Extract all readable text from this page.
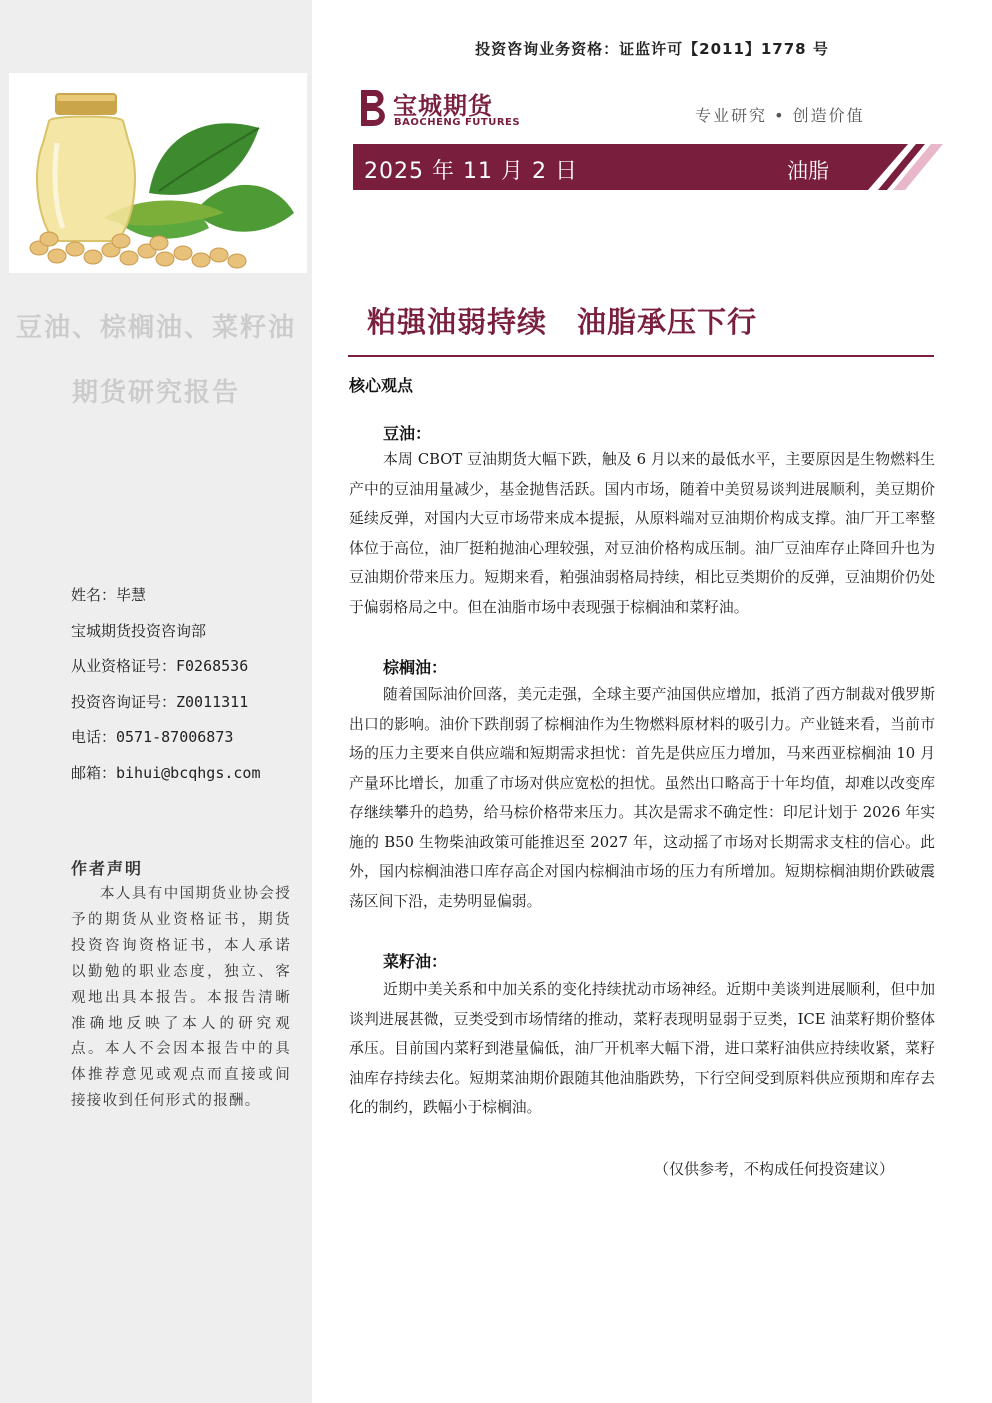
豆油、棕榈油、菜籽油
期货研究报告
姓名：毕慧
宝城期货投资咨询部
从业资格证号：F0268536
投资咨询证号：Z0011311
电话：0571-87006873
邮箱：bihui@bcqhgs.com
作者声明
本人具有中国期货业协会授予的期货从业资格证书，期货投资咨询资格证书，本人承诺以勤勉的职业态度，独立、客观地出具本报告。本报告清晰准确地反映了本人的研究观点。本人不会因本报告中的具体推荐意见或观点而直接或间接接收到任何形式的报酬。
投资咨询业务资格：证监许可【2011】1778 号
宝城期货
BAOCHENG FUTURES	专业研究 • 创造价值
2025 年 11 月 2 日	油脂
粕强油弱持续　油脂承压下行
核心观点
豆油：
本周 CBOT 豆油期货大幅下跌，触及 6 月以来的最低水平，主要原因是生物燃料生产中的豆油用量减少，基金抛售活跃。国内市场，随着中美贸易谈判进展顺利，美豆期价延续反弹，对国内大豆市场带来成本提振，从原料端对豆油期价构成支撑。油厂开工率整体位于高位，油厂挺粕抛油心理较强，对豆油价格构成压制。油厂豆油库存止降回升也为豆油期价带来压力。短期来看，粕强油弱格局持续，相比豆类期价的反弹，豆油期价仍处于偏弱格局之中。但在油脂市场中表现强于棕榈油和菜籽油。
棕榈油：
随着国际油价回落，美元走强，全球主要产油国供应增加，抵消了西方制裁对俄罗斯出口的影响。油价下跌削弱了棕榈油作为生物燃料原材料的吸引力。产业链来看，当前市场的压力主要来自供应端和短期需求担忧：首先是供应压力增加，马来西亚棕榈油 10 月产量环比增长，加重了市场对供应宽松的担忧。虽然出口略高于十年均值，却难以改变库存继续攀升的趋势，给马棕价格带来压力。其次是需求不确定性：印尼计划于 2026 年实施的 B50 生物柴油政策可能推迟至 2027 年，这动摇了市场对长期需求支柱的信心。此外，国内棕榈油港口库存高企对国内棕榈油市场的压力有所增加。短期棕榈油期价跌破震荡区间下沿，走势明显偏弱。
菜籽油：
近期中美关系和中加关系的变化持续扰动市场神经。近期中美谈判进展顺利，但中加谈判进展甚微，豆类受到市场情绪的推动，菜籽表现明显弱于豆类，ICE 油菜籽期价整体承压。目前国内菜籽到港量偏低，油厂开机率大幅下滑，进口菜籽油供应持续收紧，菜籽油库存持续去化。短期菜油期价跟随其他油脂跌势，下行空间受到原料供应预期和库存去化的制约，跌幅小于棕榈油。
（仅供参考，不构成任何投资建议）
